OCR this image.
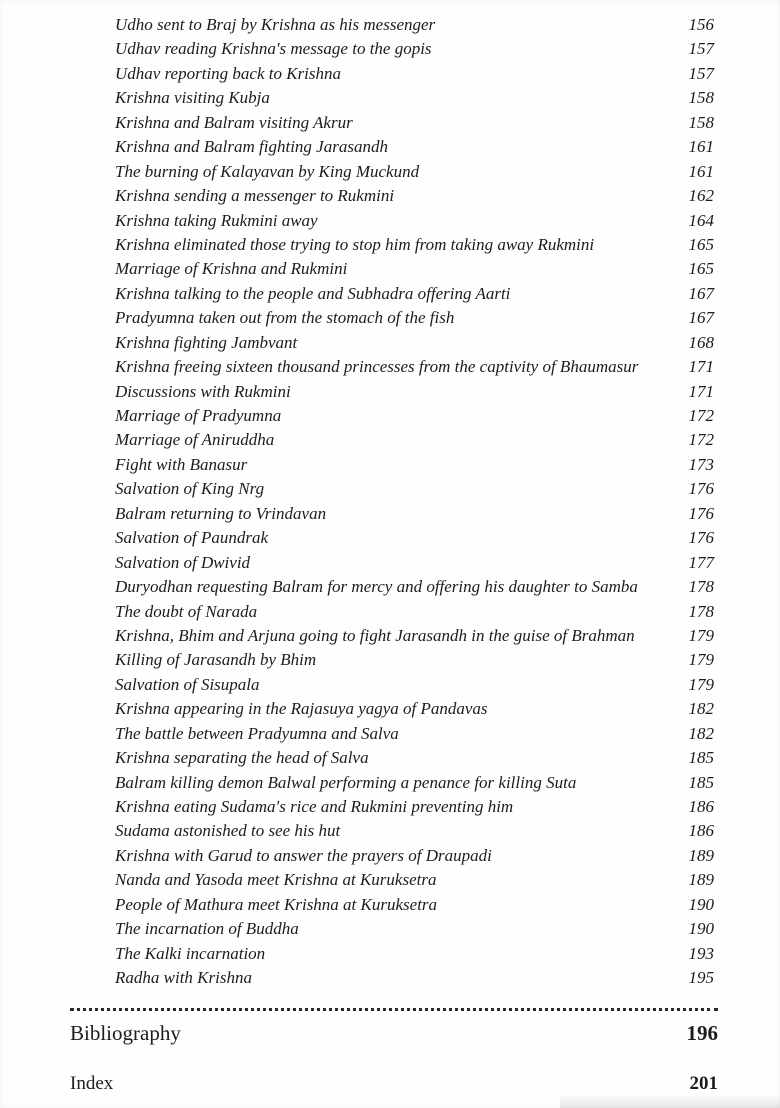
Udho sent to Braj by Krishna as his messenger	156
Udhav reading Krishna's message to the gopis	157
Udhav reporting back to Krishna	157
Krishna visiting Kubja	158
Krishna and Balram visiting Akrur	158
Krishna and Balram fighting Jarasandh	161
The burning of Kalayavan by King Muckund	161
Krishna sending a messenger to Rukmini	162
Krishna taking Rukmini away	164
Krishna eliminated those trying to stop him from taking away Rukmini	165
Marriage of Krishna and Rukmini	165
Krishna talking to the people and Subhadra offering Aarti	167
Pradyumna taken out from the stomach of the fish	167
Krishna fighting Jambvant	168
Krishna freeing sixteen thousand princesses from the captivity of Bhaumasur	171
Discussions with Rukmini	171
Marriage of Pradyumna	172
Marriage of Aniruddha	172
Fight with Banasur	173
Salvation of King Nrg	176
Balram returning to Vrindavan	176
Salvation of Paundrak	176
Salvation of Dwivid	177
Duryodhan requesting Balram for mercy and offering his daughter to Samba	178
The doubt of Narada	178
Krishna, Bhim and Arjuna going to fight Jarasandh in the guise of Brahman	179
Killing of Jarasandh by Bhim	179
Salvation of Sisupala	179
Krishna appearing in the Rajasuya yagya of Pandavas	182
The battle between Pradyumna and Salva	182
Krishna separating the head of Salva	185
Balram killing demon Balwal performing a penance for killing Suta	185
Krishna eating Sudama's rice and Rukmini preventing him	186
Sudama astonished to see his hut	186
Krishna with Garud to answer the prayers of Draupadi	189
Nanda and Yasoda meet Krishna at Kuruksetra	189
People of Mathura meet Krishna at Kuruksetra	190
The incarnation of Buddha	190
The Kalki incarnation	193
Radha with Krishna	195
Bibliography	196
Index	201
